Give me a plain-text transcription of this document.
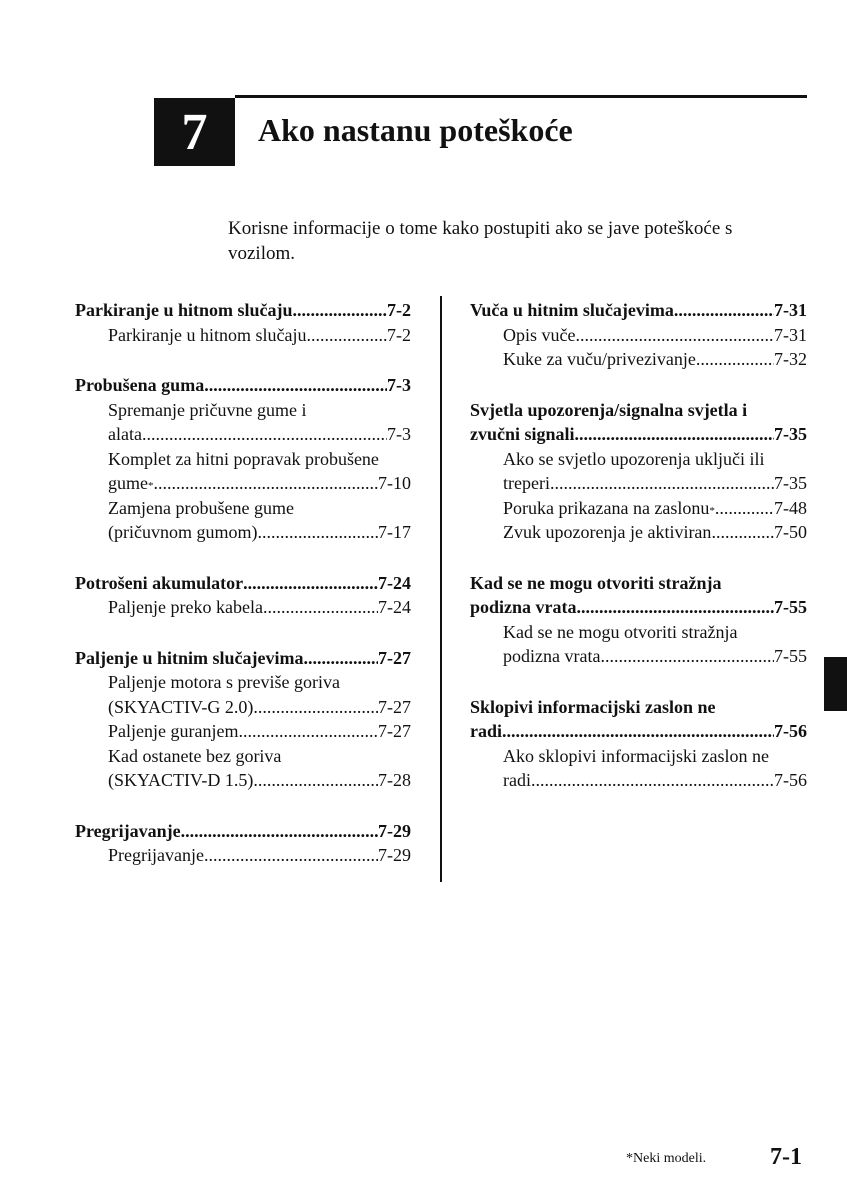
7 Ako nastanu poteškoće
Korisne informacije o tome kako postupiti ako se jave poteškoće s vozilom.
Parkiranje u hitnom slučaju .....	7-2
Parkiranje u hitnom slučaju .....	7-2
Probušena guma .....	7-3
Spremanje pričuvne gume i
alata .....	7-3
Komplet za hitni popravak probušene
gume * .....	7-10
Zamjena probušene gume
(pričuvnom gumom) .....	7-17
Potrošeni akumulator .....	7-24
Paljenje preko kabela .....	7-24
Paljenje u hitnim slučajevima .....	7-27
Paljenje motora s previše goriva
(SKYACTIV-G 2.0) .....	7-27
Paljenje guranjem .....	7-27
Kad ostanete bez goriva
(SKYACTIV-D 1.5) .....	7-28
Pregrijavanje .....	7-29
Pregrijavanje .....	7-29
Vuča u hitnim slučajevima .....	7-31
Opis vuče .....	7-31
Kuke za vuču/privezivanje .....	7-32
Svjetla upozorenja/signalna svjetla i
zvučni signali .....	7-35
Ako se svjetlo upozorenja uključi ili
treperi .....	7-35
Poruka prikazana na zaslonu * .....	7-48
Zvuk upozorenja je aktiviran .....	7-50
Kad se ne mogu otvoriti stražnja
podizna vrata .....	7-55
Kad se ne mogu otvoriti stražnja
podizna vrata .....	7-55
Sklopivi informacijski zaslon ne
radi .....	7-56
Ako sklopivi informacijski zaslon ne
radi .....	7-56
*Neki modeli.	7-1
